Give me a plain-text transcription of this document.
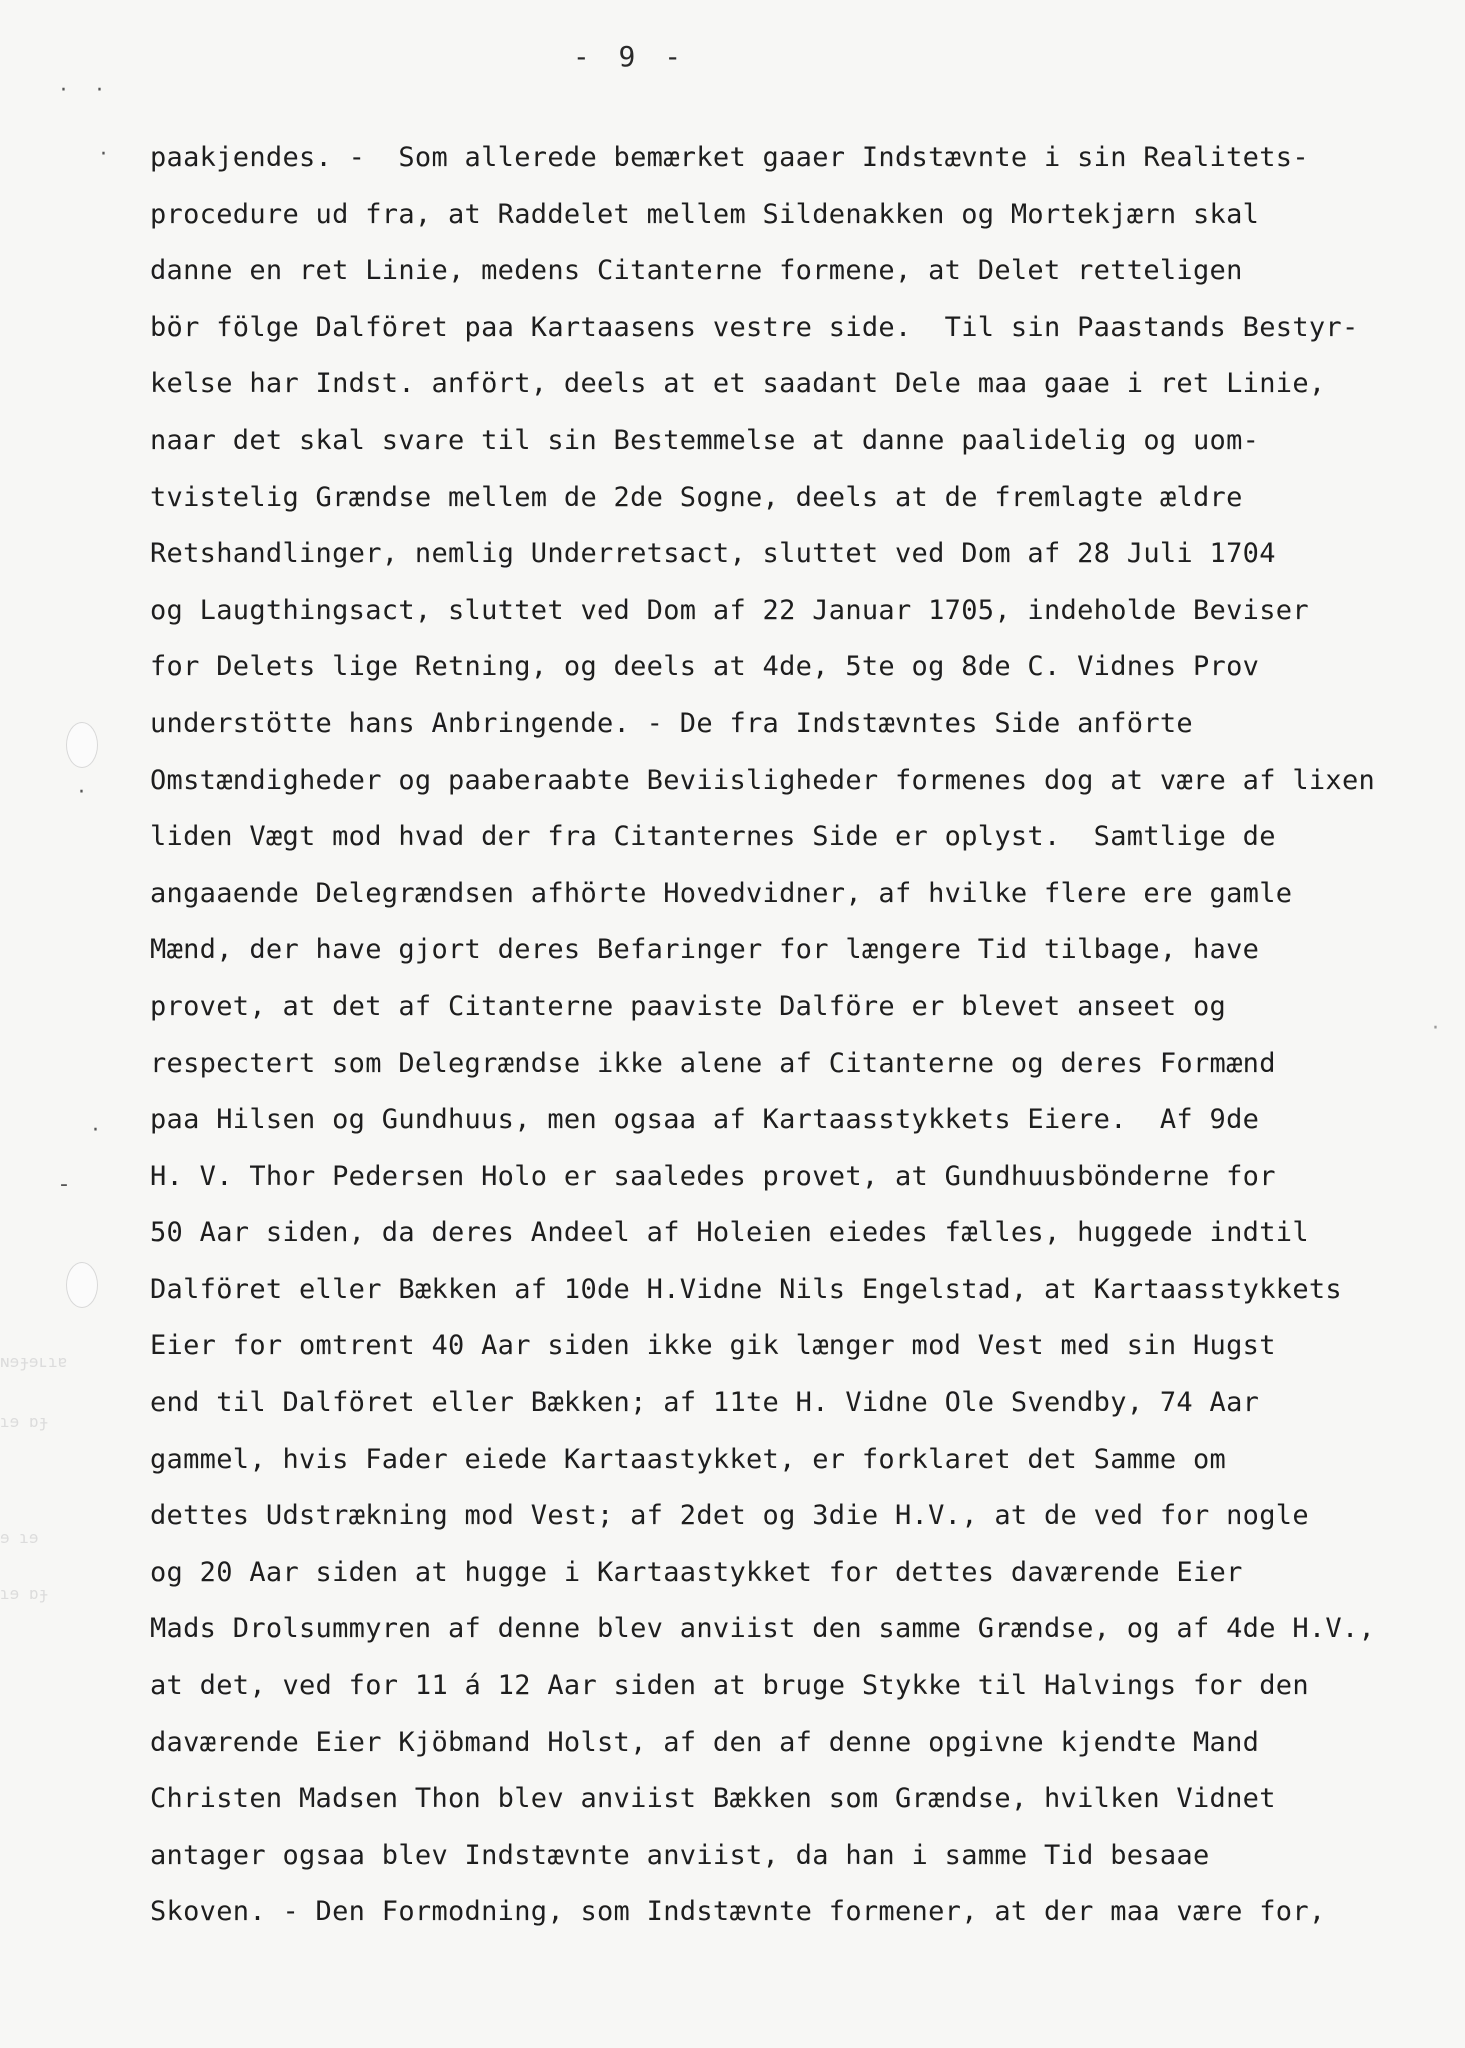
· ·
·
·
·
-
·
ɴɘɟɘʟɿɐ
ɿɘ ɒɟ
ɘ ɿɘ
ɿɘ ɒɟ
- 9 -
paakjendes. -  Som allerede bemærket gaaer Indstævnte i sin Realitets-
procedure ud fra, at Raddelet mellem Sildenakken og Mortekjærn skal
danne en ret Linie, medens Citanterne formene, at Delet retteligen
bör fölge Dalföret paa Kartaasens vestre side.  Til sin Paastands Bestyr-
kelse har Indst. anfört, deels at et saadant Dele maa gaae i ret Linie,
naar det skal svare til sin Bestemmelse at danne paalidelig og uom-
tvistelig Grændse mellem de 2de Sogne, deels at de fremlagte ældre
Retshandlinger, nemlig Underretsact, sluttet ved Dom af 28 Juli 1704
og Laugthingsact, sluttet ved Dom af 22 Januar 1705, indeholde Beviser
for Delets lige Retning, og deels at 4de, 5te og 8de C. Vidnes Prov
understötte hans Anbringende. - De fra Indstævntes Side anförte
Omstændigheder og paaberaabte Beviisligheder formenes dog at være af lixen
liden Vægt mod hvad der fra Citanternes Side er oplyst.  Samtlige de
angaaende Delegrændsen afhörte Hovedvidner, af hvilke flere ere gamle
Mænd, der have gjort deres Befaringer for længere Tid tilbage, have
provet, at det af Citanterne paaviste Dalföre er blevet anseet og
respectert som Delegrændse ikke alene af Citanterne og deres Formænd
paa Hilsen og Gundhuus, men ogsaa af Kartaasstykkets Eiere.  Af 9de
H. V. Thor Pedersen Holo er saaledes provet, at Gundhuusbönderne for
50 Aar siden, da deres Andeel af Holeien eiedes fælles, huggede indtil
Dalföret eller Bækken af 10de H.Vidne Nils Engelstad, at Kartaasstykkets
Eier for omtrent 40 Aar siden ikke gik længer mod Vest med sin Hugst
end til Dalföret eller Bækken; af 11te H. Vidne Ole Svendby, 74 Aar
gammel, hvis Fader eiede Kartaastykket, er forklaret det Samme om
dettes Udstrækning mod Vest; af 2det og 3die H.V., at de ved for nogle
og 20 Aar siden at hugge i Kartaastykket for dettes daværende Eier
Mads Drolsummyren af denne blev anviist den samme Grændse, og af 4de H.V.,
at det, ved for 11 á 12 Aar siden at bruge Stykke til Halvings for den
daværende Eier Kjöbmand Holst, af den af denne opgivne kjendte Mand
Christen Madsen Thon blev anviist Bækken som Grændse, hvilken Vidnet
antager ogsaa blev Indstævnte anviist, da han i samme Tid besaae
Skoven. - Den Formodning, som Indstævnte formener, at der maa være for,
